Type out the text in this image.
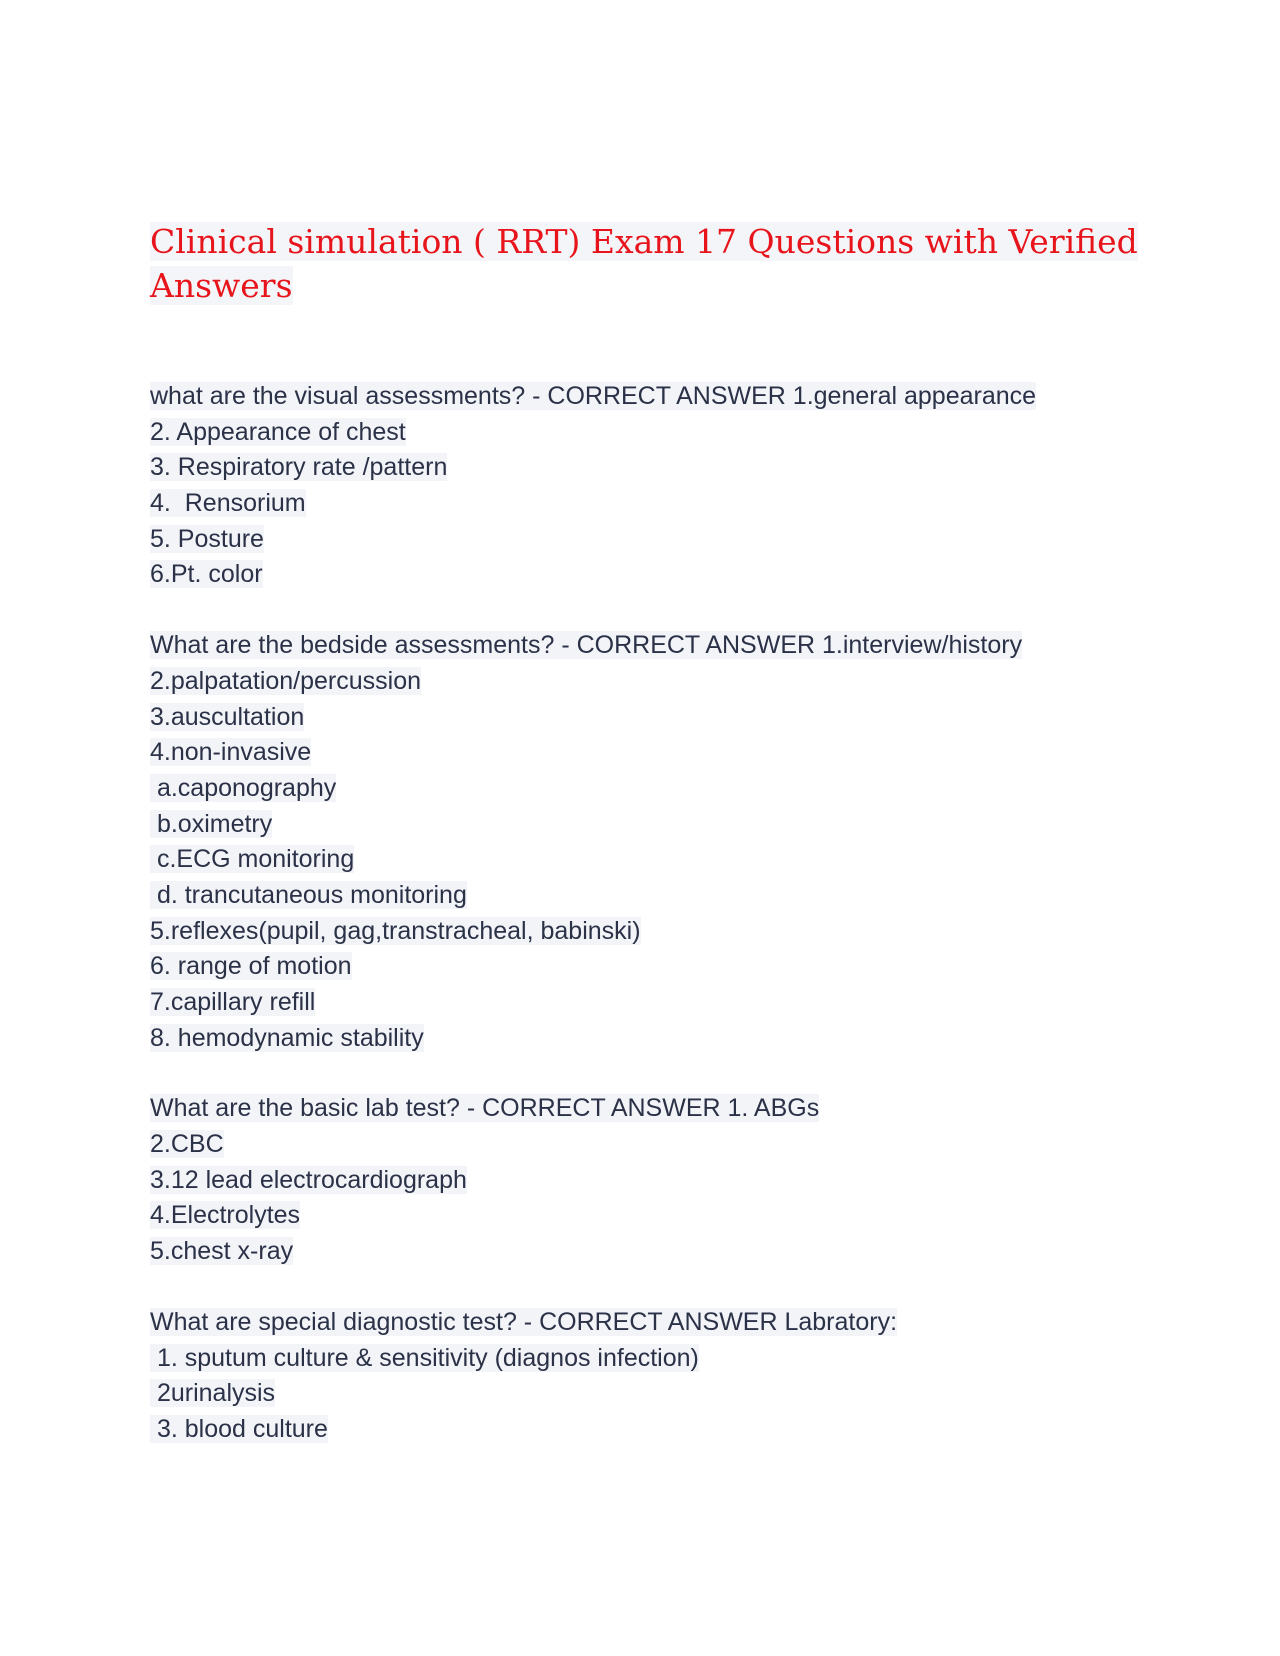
Clinical simulation ( RRT) Exam 17 Questions with Verified
Answers
what are the visual assessments? - CORRECT ANSWER 1.general appearance
2. Appearance of chest
3. Respiratory rate /pattern
4.  Rensorium
5. Posture
6.Pt. color
What are the bedside assessments? - CORRECT ANSWER 1.interview/history
2.palpatation/percussion
3.auscultation
4.non-invasive
a.caponography
b.oximetry
c.ECG monitoring
d. trancutaneous monitoring
5.reflexes(pupil, gag,transtracheal, babinski)
6. range of motion
7.capillary refill
8. hemodynamic stability
What are the basic lab test? - CORRECT ANSWER 1. ABGs
2.CBC
3.12 lead electrocardiograph
4.Electrolytes
5.chest x-ray
What are special diagnostic test? - CORRECT ANSWER Labratory:
1. sputum culture & sensitivity (diagnos infection)
2urinalysis
3. blood culture
